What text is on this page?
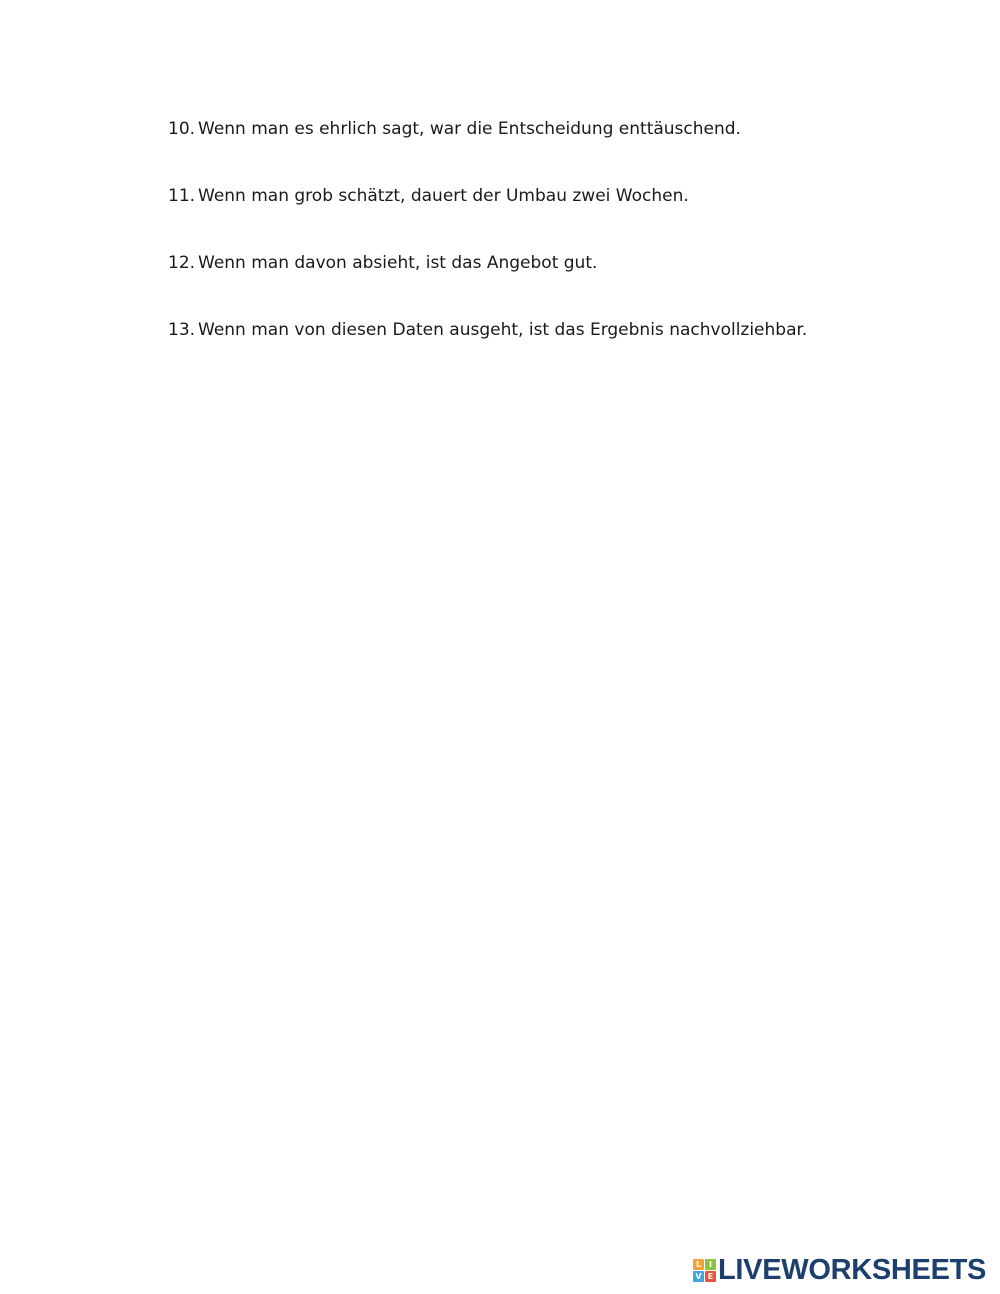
10. Wenn man es ehrlich sagt, war die Entscheidung enttäuschend.
11. Wenn man grob schätzt, dauert der Umbau zwei Wochen.
12. Wenn man davon absieht, ist das Angebot gut.
13. Wenn man von diesen Daten ausgeht, ist das Ergebnis nachvollziehbar.
L I
V E LIVEWORKSHEETS
